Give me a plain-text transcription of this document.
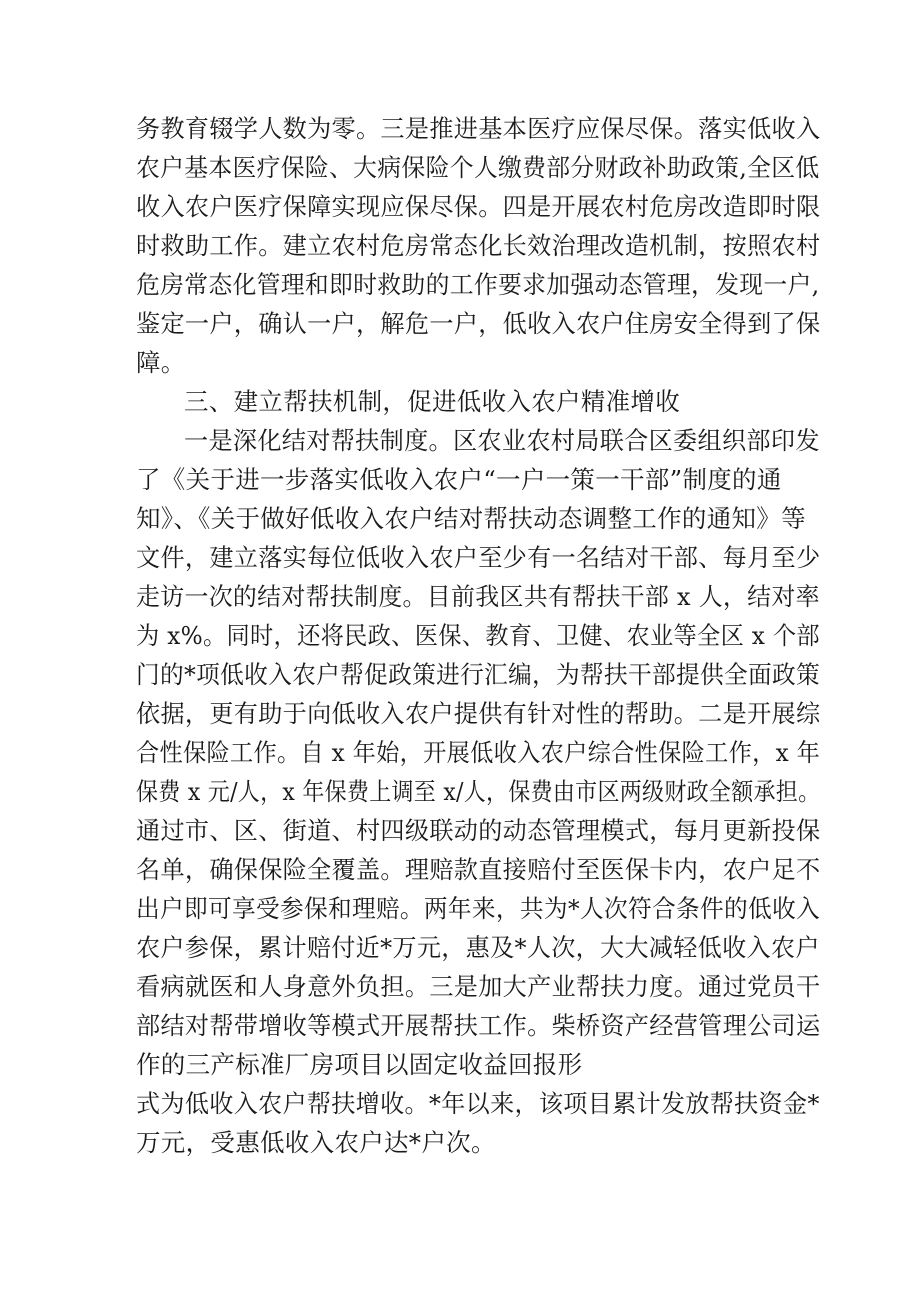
务教育辍学人数为零。三是推进基本医疗应保尽保。落实低收入
农户基本医疗保险、大病保险个人缴费部分财政补助政策,全区低
收入农户医疗保障实现应保尽保。四是开展农村危房改造即时限
时救助工作。建立农村危房常态化长效治理改造机制，按照农村
危房常态化管理和即时救助的工作要求加强动态管理，发现一户,
鉴定一户，确认一户，解危一户，低收入农户住房安全得到了保
障。
三、建立帮扶机制，促进低收入农户精准增收
一是深化结对帮扶制度。区农业农村局联合区委组织部印发
了《关于进一步落实低收入农户“一户一策一干部”制度的通
知》、《关于做好低收入农户结对帮扶动态调整工作的通知》等
文件，建立落实每位低收入农户至少有一名结对干部、每月至少
走访一次的结对帮扶制度。目前我区共有帮扶干部 x 人，结对率
为 x%。同时，还将民政、医保、教育、卫健、农业等全区 x 个部
门的*项低收入农户帮促政策进行汇编，为帮扶干部提供全面政策
依据，更有助于向低收入农户提供有针对性的帮助。二是开展综
合性保险工作。自 x 年始，开展低收入农户综合性保险工作，x 年
保费 x 元/人，x 年保费上调至 x/人，保费由市区两级财政全额承担。
通过市、区、街道、村四级联动的动态管理模式，每月更新投保
名单，确保保险全覆盖。理赔款直接赔付至医保卡内，农户足不
出户即可享受参保和理赔。两年来，共为*人次符合条件的低收入
农户参保，累计赔付近*万元，惠及*人次，大大减轻低收入农户
看病就医和人身意外负担。三是加大产业帮扶力度。通过党员干
部结对帮带增收等模式开展帮扶工作。柴桥资产经营管理公司运
作的三产标准厂房项目以固定收益回报形
式为低收入农户帮扶增收。*年以来，该项目累计发放帮扶资金*
万元，受惠低收入农户达*户次。
